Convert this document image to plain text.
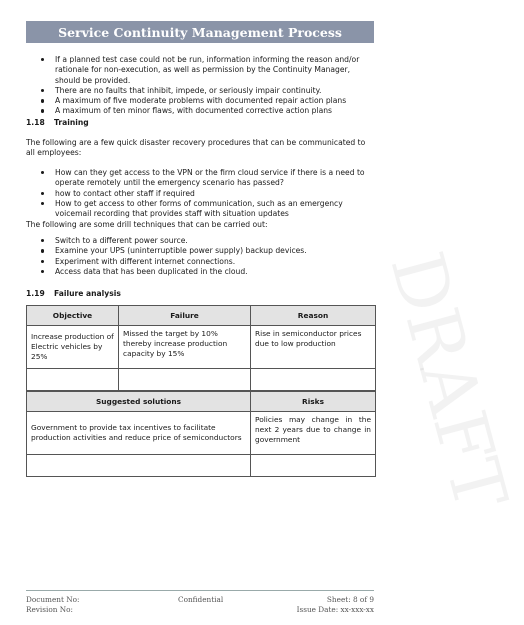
Service Continuity Management Process
If a planned test case could not be run, information informing the reason and/or rationale for non-execution, as well as permission by the Continuity Manager, should be provided.
There are no faults that inhibit, impede, or seriously impair continuity.
A maximum of five moderate problems with documented repair action plans
A maximum of ten minor flaws, with documented corrective action plans
1.18 Training
The following are a few quick disaster recovery procedures that can be communicated to all employees:
How can they get access to the VPN or the firm cloud service if there is a need to operate remotely until the emergency scenario has passed?
how to contact other staff if required
How to get access to other forms of communication, such as an emergency voicemail recording that provides staff with situation updates
The following are some drill techniques that can be carried out:
Switch to a different power source.
Examine your UPS (uninterruptible power supply) backup devices.
Experiment with different internet connections.
Access data that has been duplicated in the cloud.
1.19 Failure analysis
Objective	Failure	Reason
Increase production of Electric vehicles by 25%	Missed the target by 10% thereby increase production capacity by 15%	Rise in semiconductor prices due to low production

Suggested solutions	Risks
Government to provide tax incentives to facilitate production activities and reduce price of semiconductors	Policies may change in the next 2 years due to change in government
		DRAFT
Document No:
Revision No:
Confidential	Sheet: 8 of 9
Issue Date: xx-xxx-xx
